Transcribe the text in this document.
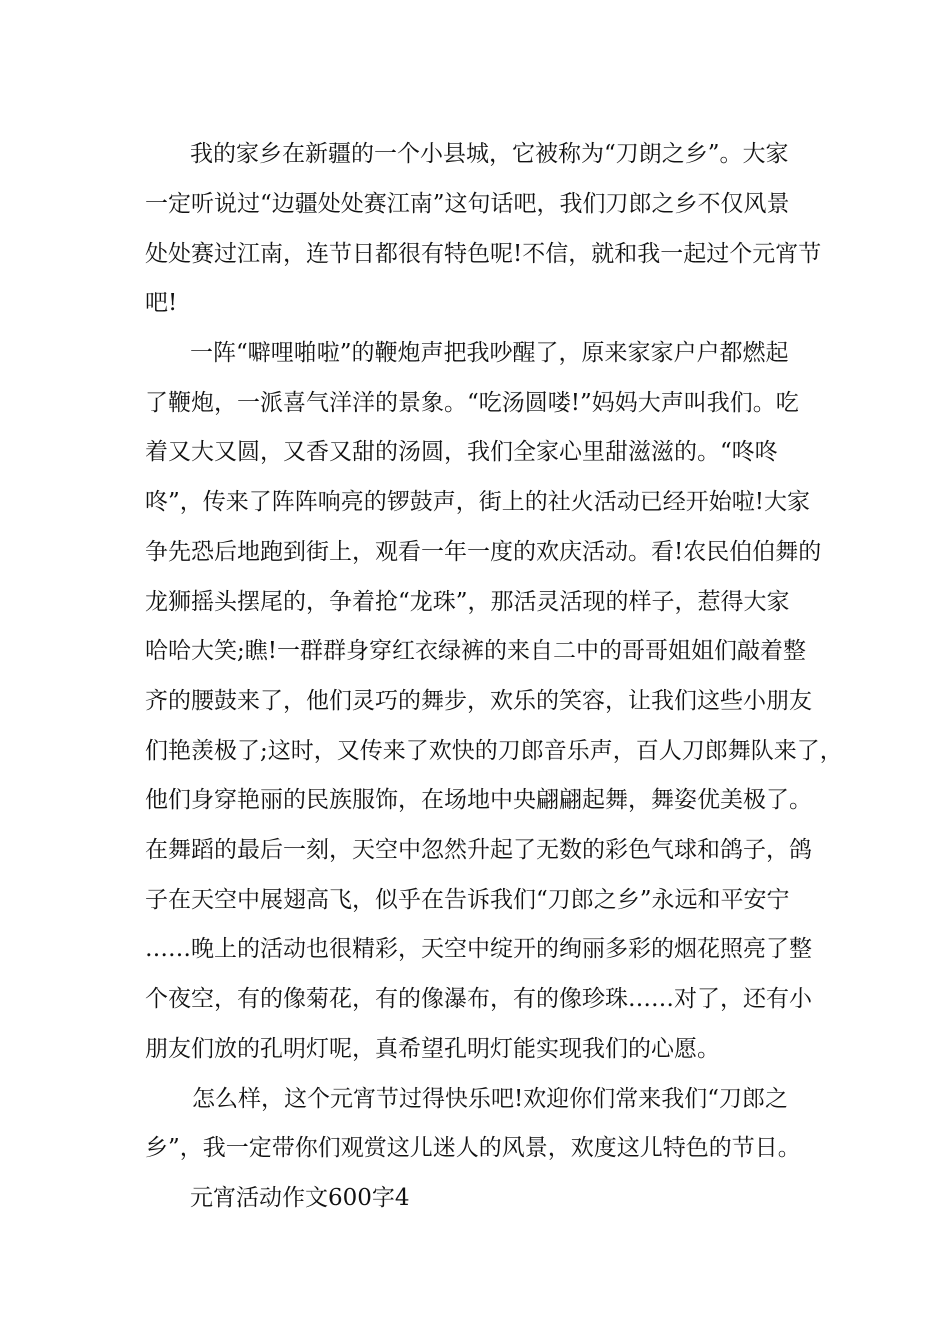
我的家乡在新疆的一个小县城，它被称为“刀朗之乡”。大家

一定听说过“边疆处处赛江南”这句话吧，我们刀郎之乡不仅风景

处处赛过江南，连节日都很有特色呢!不信，就和我一起过个元宵节

吧!

一阵“噼哩啪啦”的鞭炮声把我吵醒了，原来家家户户都燃起

了鞭炮，一派喜气洋洋的景象。“吃汤圆喽!”妈妈大声叫我们。吃

着又大又圆，又香又甜的汤圆，我们全家心里甜滋滋的。“咚咚

咚”，传来了阵阵响亮的锣鼓声，街上的社火活动已经开始啦!大家

争先恐后地跑到街上，观看一年一度的欢庆活动。看!农民伯伯舞的

龙狮摇头摆尾的，争着抢“龙珠”，那活灵活现的样子，惹得大家

哈哈大笑;瞧!一群群身穿红衣绿裤的来自二中的哥哥姐姐们敲着整

齐的腰鼓来了，他们灵巧的舞步，欢乐的笑容，让我们这些小朋友

们艳羡极了;这时，又传来了欢快的刀郎音乐声，百人刀郎舞队来了，

他们身穿艳丽的民族服饰，在场地中央翩翩起舞，舞姿优美极了。

在舞蹈的最后一刻，天空中忽然升起了无数的彩色气球和鸽子，鸽

子在天空中展翅高飞，似乎在告诉我们“刀郎之乡”永远和平安宁

……晚上的活动也很精彩，天空中绽开的绚丽多彩的烟花照亮了整

个夜空，有的像菊花，有的像瀑布，有的像珍珠……对了，还有小

朋友们放的孔明灯呢，真希望孔明灯能实现我们的心愿。

怎么样，这个元宵节过得快乐吧!欢迎你们常来我们“刀郎之

乡”，我一定带你们观赏这儿迷人的风景，欢度这儿特色的节日。

元宵活动作文600字4
